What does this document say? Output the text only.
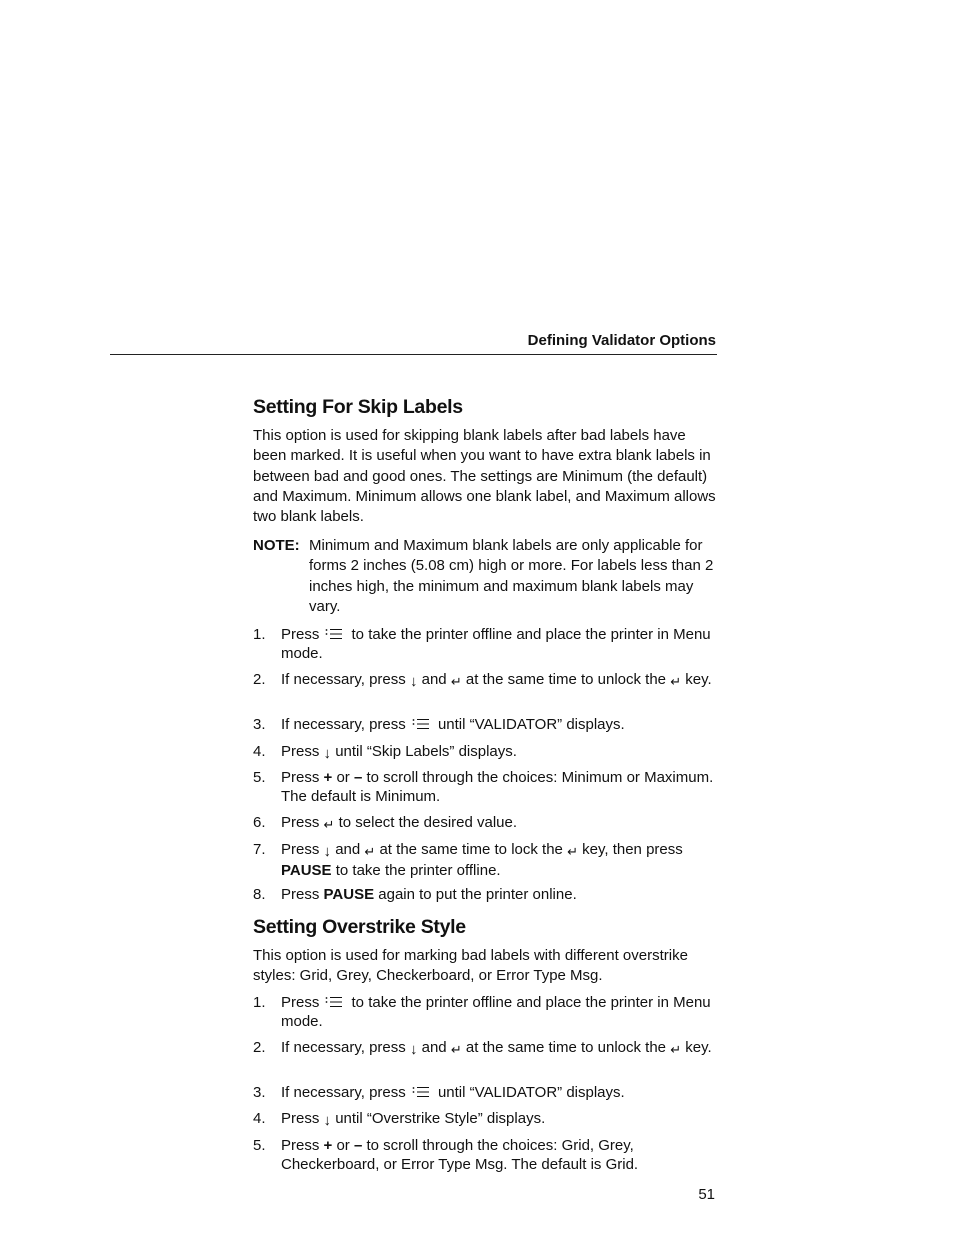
Defining Validator Options
Setting For Skip Labels

This option is used for skipping blank labels after bad labels have been marked. It is useful when you want to have extra blank labels in between bad and good ones. The settings are Minimum (the default) and Maximum. Minimum allows one blank label, and Maximum allows two blank labels.

NOTE: Minimum and Maximum blank labels are only applicable for forms 2 inches (5.08 cm) high or more. For labels less than 2 inches high, the minimum and maximum blank labels may vary.
1. Press to take the printer offline and place the printer in Menu mode.
2. If necessary, press ↓ and ↵ at the same time to unlock the ↵ key.
3. If necessary, press until “VALIDATOR” displays.
4. Press ↓ until “Skip Labels” displays.
5. Press + or – to scroll through the choices: Minimum or Maximum. The default is Minimum.
6. Press ↵ to select the desired value.
7. Press ↓ and ↵ at the same time to lock the ↵ key, then press PAUSE to take the printer offline.
8. Press PAUSE again to put the printer online.
Setting Overstrike Style

This option is used for marking bad labels with different overstrike styles: Grid, Grey, Checkerboard, or Error Type Msg.

1. Press to take the printer offline and place the printer in Menu mode.
2. If necessary, press ↓ and ↵ at the same time to unlock the ↵ key.
3. If necessary, press until “VALIDATOR” displays.
4. Press ↓ until “Overstrike Style” displays.
5. Press + or – to scroll through the choices: Grid, Grey, Checkerboard, or Error Type Msg. The default is Grid.
51
